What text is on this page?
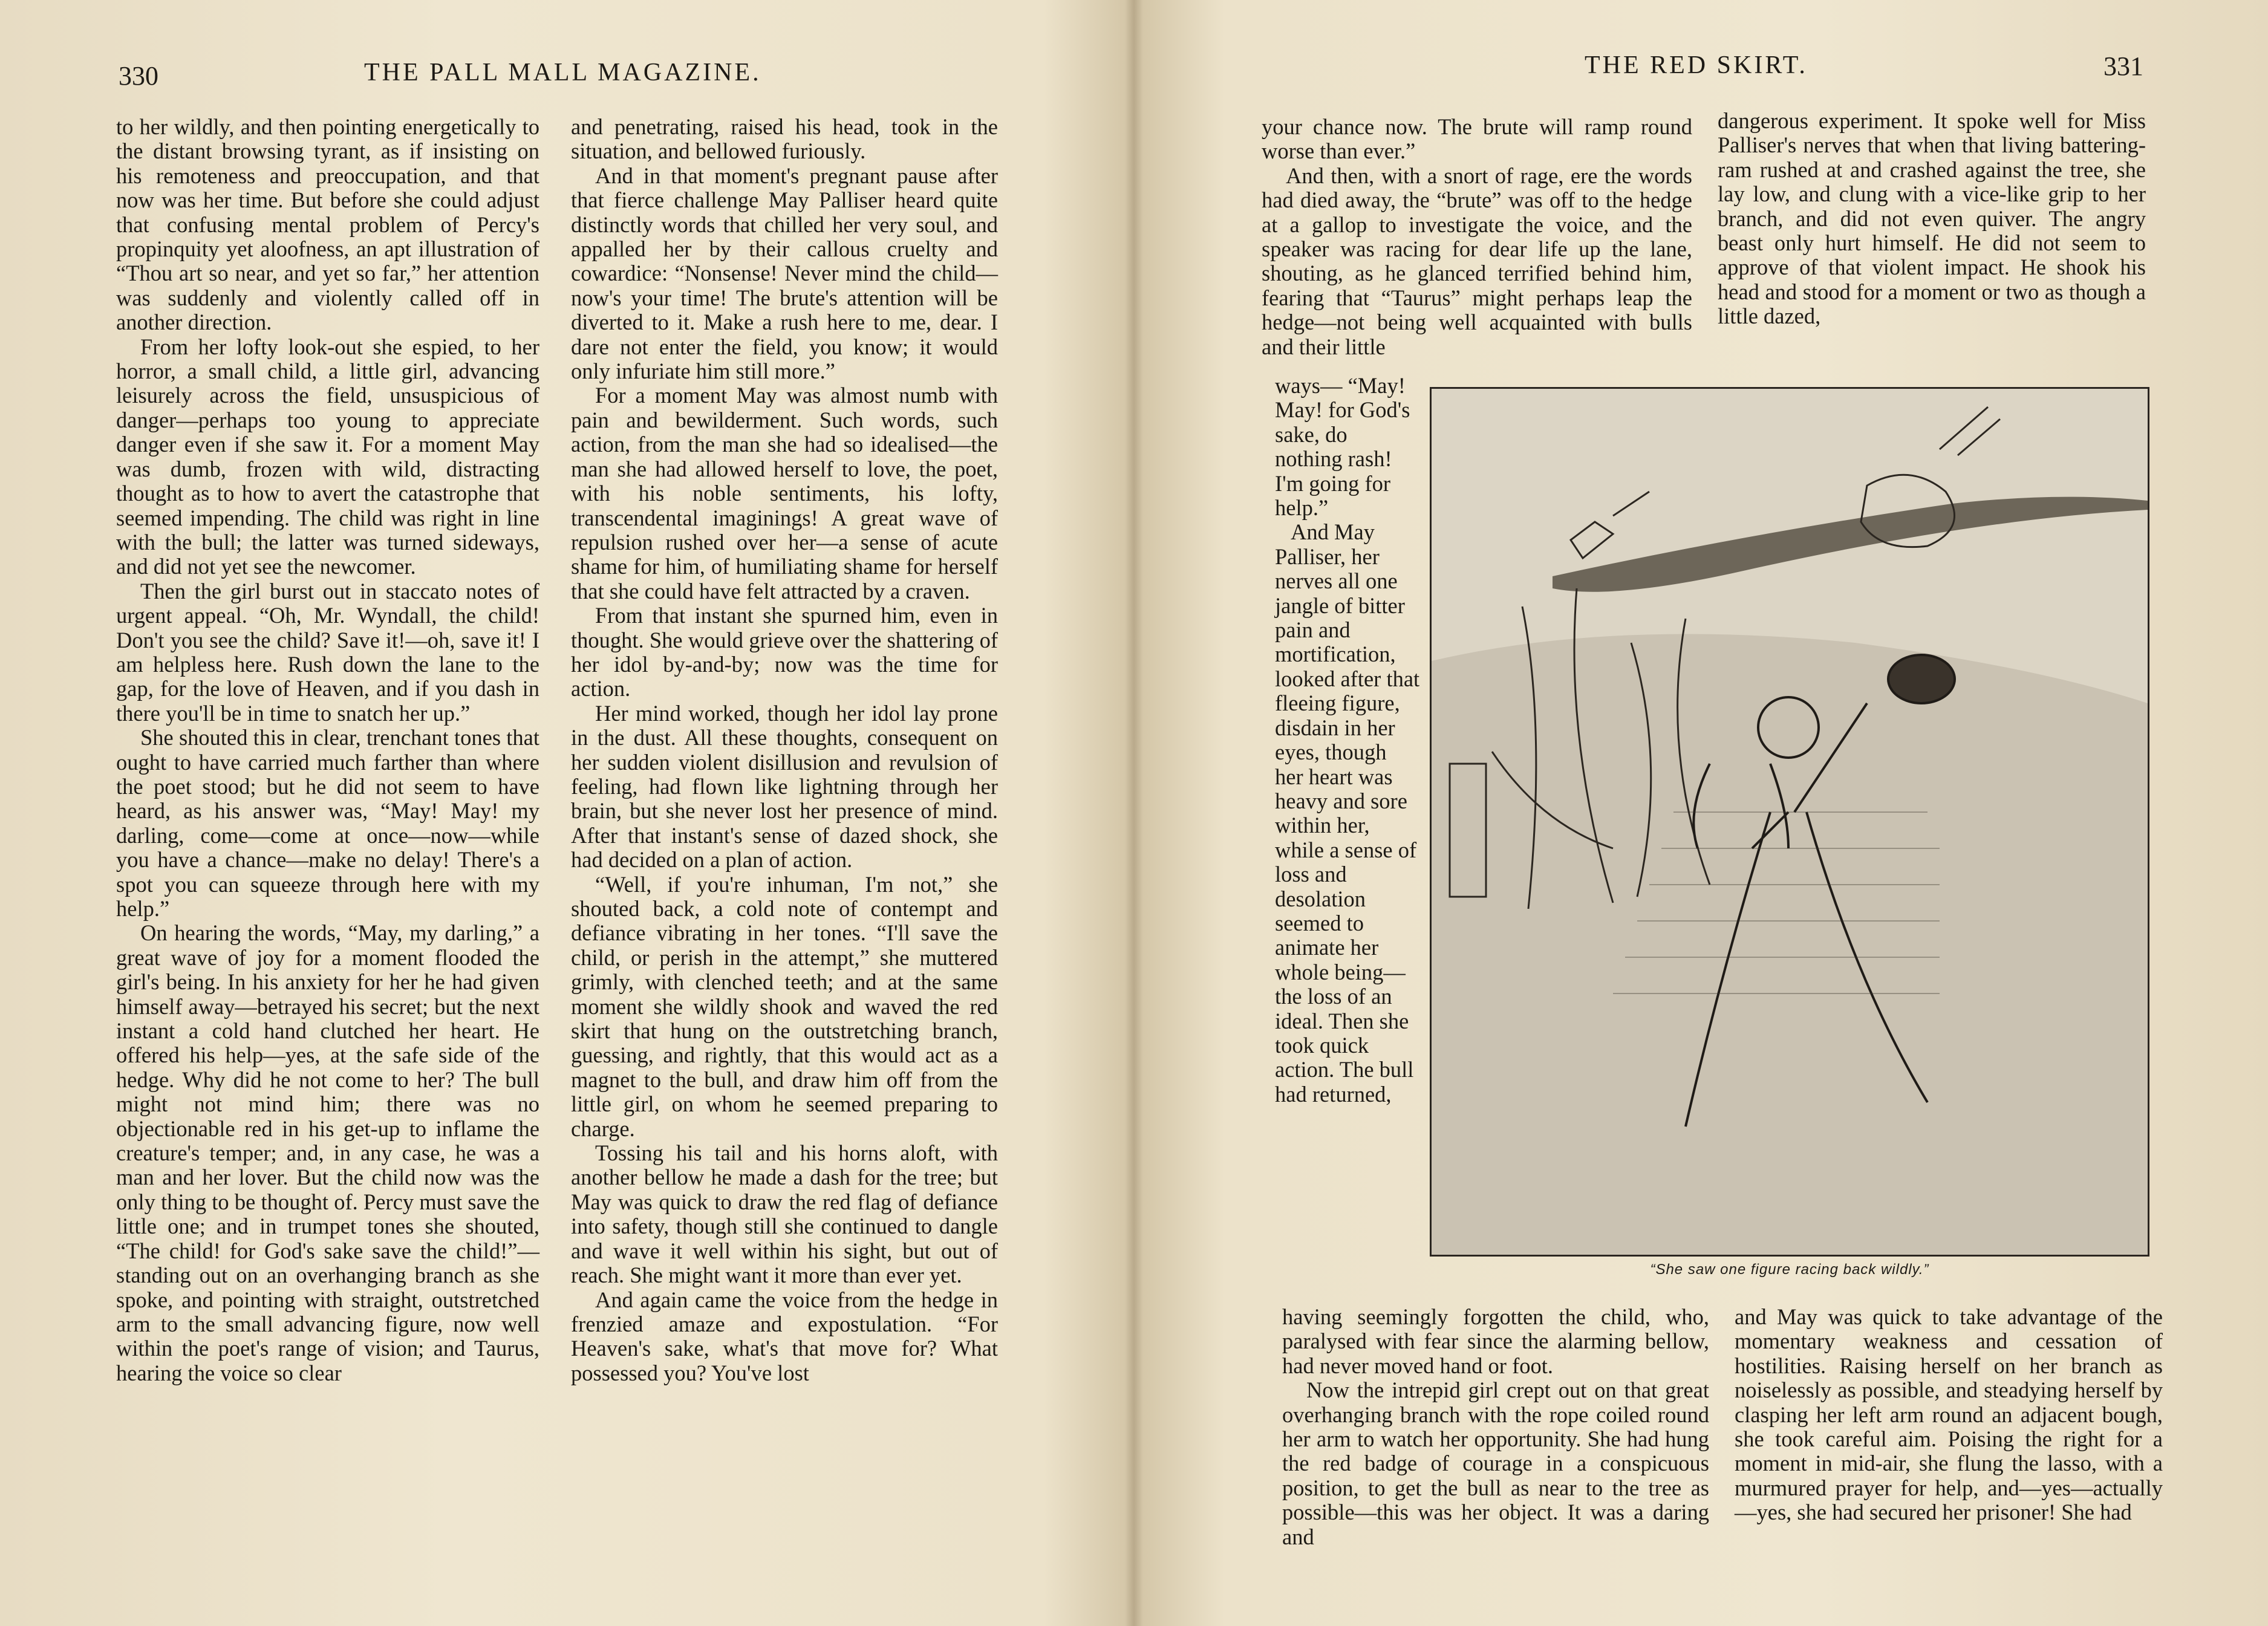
330	THE PALL MALL MAGAZINE.

to her wildly, and then pointing energetically to the distant browsing tyrant, as if insisting on his remoteness and preoccupation, and that now was her time. But before she could adjust that confusing mental problem of Percy's propinquity yet aloofness, an apt illustration of “Thou art so near, and yet so far,” her attention was suddenly and violently called off in another direction.

From her lofty look-out she espied, to her horror, a small child, a little girl, advancing leisurely across the field, unsuspicious of danger—perhaps too young to appreciate danger even if she saw it. For a moment May was dumb, frozen with wild, distracting thought as to how to avert the catastrophe that seemed impending. The child was right in line with the bull; the latter was turned sideways, and did not yet see the newcomer.

Then the girl burst out in staccato notes of urgent appeal. “Oh, Mr. Wyndall, the child! Don't you see the child? Save it!—oh, save it! I am helpless here. Rush down the lane to the gap, for the love of Heaven, and if you dash in there you'll be in time to snatch her up.”

She shouted this in clear, trenchant tones that ought to have carried much farther than where the poet stood; but he did not seem to have heard, as his answer was, “May! May! my darling, come—come at once—now—while you have a chance—make no delay! There's a spot you can squeeze through here with my help.”

On hearing the words, “May, my darling,” a great wave of joy for a moment flooded the girl's being. In his anxiety for her he had given himself away—betrayed his secret; but the next instant a cold hand clutched her heart. He offered his help—yes, at the safe side of the hedge. Why did he not come to her? The bull might not mind him; there was no objectionable red in his get-up to inflame the creature's temper; and, in any case, he was a man and her lover. But the child now was the only thing to be thought of. Percy must save the little one; and in trumpet tones she shouted, “The child! for God's sake save the child!”—standing out on an overhanging branch as she spoke, and pointing with straight, outstretched arm to the small advancing figure, now well within the poet's range of vision; and Taurus, hearing the voice so clear

and penetrating, raised his head, took in the situation, and bellowed furiously.

And in that moment's pregnant pause after that fierce challenge May Palliser heard quite distinctly words that chilled her very soul, and appalled her by their callous cruelty and cowardice: “Nonsense! Never mind the child—now's your time! The brute's attention will be diverted to it. Make a rush here to me, dear. I dare not enter the field, you know; it would only infuriate him still more.”

For a moment May was almost numb with pain and bewilderment. Such words, such action, from the man she had so idealised—the man she had allowed herself to love, the poet, with his noble sentiments, his lofty, transcendental imaginings! A great wave of repulsion rushed over her—a sense of acute shame for him, of humiliating shame for herself that she could have felt attracted by a craven.

From that instant she spurned him, even in thought. She would grieve over the shattering of her idol by-and-by; now was the time for action.

Her mind worked, though her idol lay prone in the dust. All these thoughts, consequent on her sudden violent disillusion and revulsion of feeling, had flown like lightning through her brain, but she never lost her presence of mind. After that instant's sense of dazed shock, she had decided on a plan of action.

“Well, if you're inhuman, I'm not,” she shouted back, a cold note of contempt and defiance vibrating in her tones. “I'll save the child, or perish in the attempt,” she muttered grimly, with clenched teeth; and at the same moment she wildly shook and waved the red skirt that hung on the outstretching branch, guessing, and rightly, that this would act as a magnet to the bull, and draw him off from the little girl, on whom he seemed preparing to charge.

Tossing his tail and his horns aloft, with another bellow he made a dash for the tree; but May was quick to draw the red flag of defiance into safety, though still she continued to dangle and wave it well within his sight, but out of reach. She might want it more than ever yet.

And again came the voice from the hedge in frenzied amaze and expostulation. “For Heaven's sake, what's that move for? What possessed you? You've lost

THE RED SKIRT.	331

your chance now. The brute will ramp round worse than ever.”

And then, with a snort of rage, ere the words had died away, the “brute” was off to the hedge at a gallop to investigate the voice, and the speaker was racing for dear life up the lane, shouting, as he glanced terrified behind him, fearing that “Taurus” might perhaps leap the hedge—not being well acquainted with bulls and their little

dangerous experiment. It spoke well for Miss Palliser's nerves that when that living battering-ram rushed at and crashed against the tree, she lay low, and clung with a vice-like grip to her branch, and did not even quiver. The angry beast only hurt himself. He did not seem to approve of that violent impact. He shook his head and stood for a moment or two as though a little dazed,

ways— “May! May! for God's sake, do nothing rash! I'm going for help.”

And May Palliser, her nerves all one jangle of bitter pain and mortification, looked after that fleeing figure, disdain in her eyes, though her heart was heavy and sore within her, while a sense of loss and desolation seemed to animate her whole being—the loss of an ideal. Then she took quick action. The bull had returned,

“She saw one figure racing back wildly.”

having seemingly forgotten the child, who, paralysed with fear since the alarming bellow, had never moved hand or foot.

Now the intrepid girl crept out on that great overhanging branch with the rope coiled round her arm to watch her opportunity. She had hung the red badge of courage in a conspicuous position, to get the bull as near to the tree as possible—this was her object. It was a daring and

and May was quick to take advantage of the momentary weakness and cessation of hostilities. Raising herself on her branch as noiselessly as possible, and steadying herself by clasping her left arm round an adjacent bough, she took careful aim. Poising the right for a moment in mid-air, she flung the lasso, with a murmured prayer for help, and—yes—actually—yes, she had secured her prisoner! She had
